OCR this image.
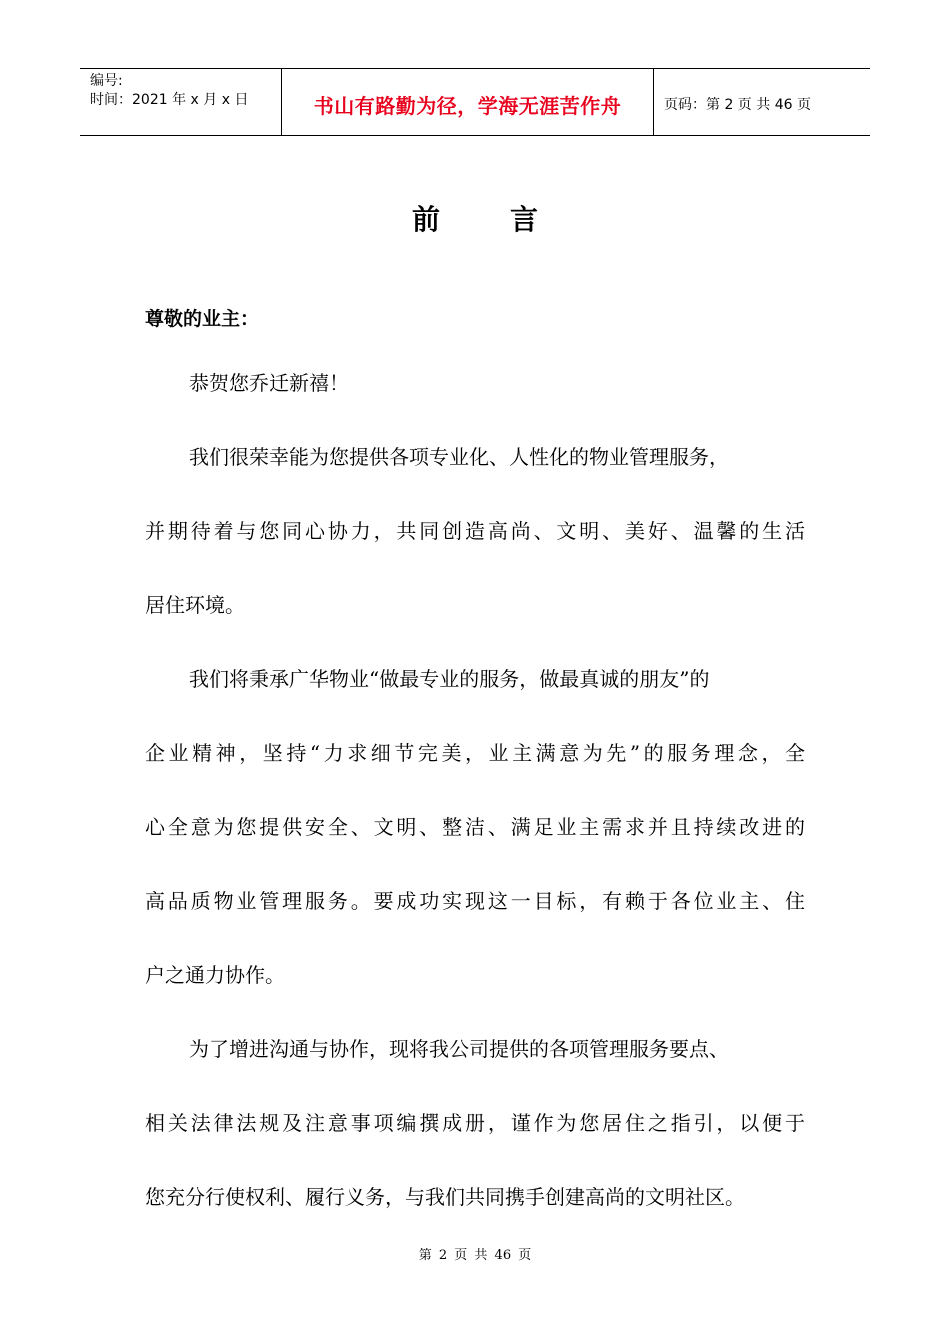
编号:
时间：2021 年 x 月 x 日	书山有路勤为径，学海无涯苦作舟	页码：第 2 页 共 46 页
前言
尊敬的业主：
恭贺您乔迁新禧！
我们很荣幸能为您提供各项专业化、人性化的物业管理服务，
并期待着与您同心协力，共同创造高尚、文明、美好、温馨的生活
居住环境。
我们将秉承广华物业“做最专业的服务，做最真诚的朋友”的
企业精神，坚持“力求细节完美，业主满意为先”的服务理念，全
心全意为您提供安全、文明、整洁、满足业主需求并且持续改进的
高品质物业管理服务。要成功实现这一目标，有赖于各位业主、住
户之通力协作。
为了增进沟通与协作，现将我公司提供的各项管理服务要点、
相关法律法规及注意事项编撰成册，谨作为您居住之指引，以便于
您充分行使权利、履行义务，与我们共同携手创建高尚的文明社区。
第 2 页 共 46 页
